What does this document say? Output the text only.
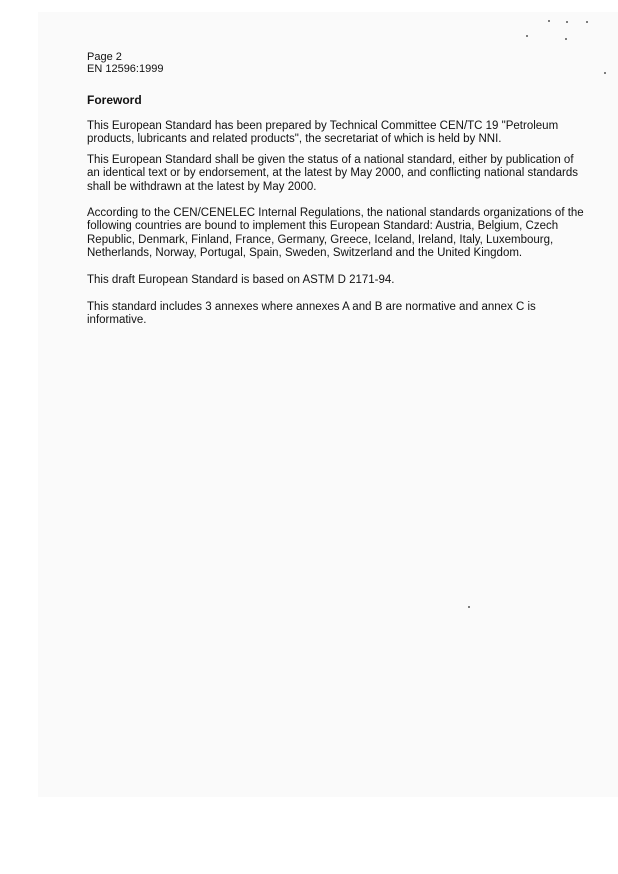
Page 2
EN 12596:1999
Foreword

This European Standard has been prepared by Technical Committee CEN/TC 19 "Petroleum
products, lubricants and related products", the secretariat of which is held by NNI.

This European Standard shall be given the status of a national standard, either by publication of
an identical text or by endorsement, at the latest by May 2000, and conflicting national standards
shall be withdrawn at the latest by May 2000.

According to the CEN/CENELEC Internal Regulations, the national standards organizations of the
following countries are bound to implement this European Standard: Austria, Belgium, Czech
Republic, Denmark, Finland, France, Germany, Greece, Iceland, Ireland, Italy, Luxembourg,
Netherlands, Norway, Portugal, Spain, Sweden, Switzerland and the United Kingdom.

This draft European Standard is based on ASTM D 2171-94.

This standard includes 3 annexes where annexes A and B are normative and annex C is
informative.
